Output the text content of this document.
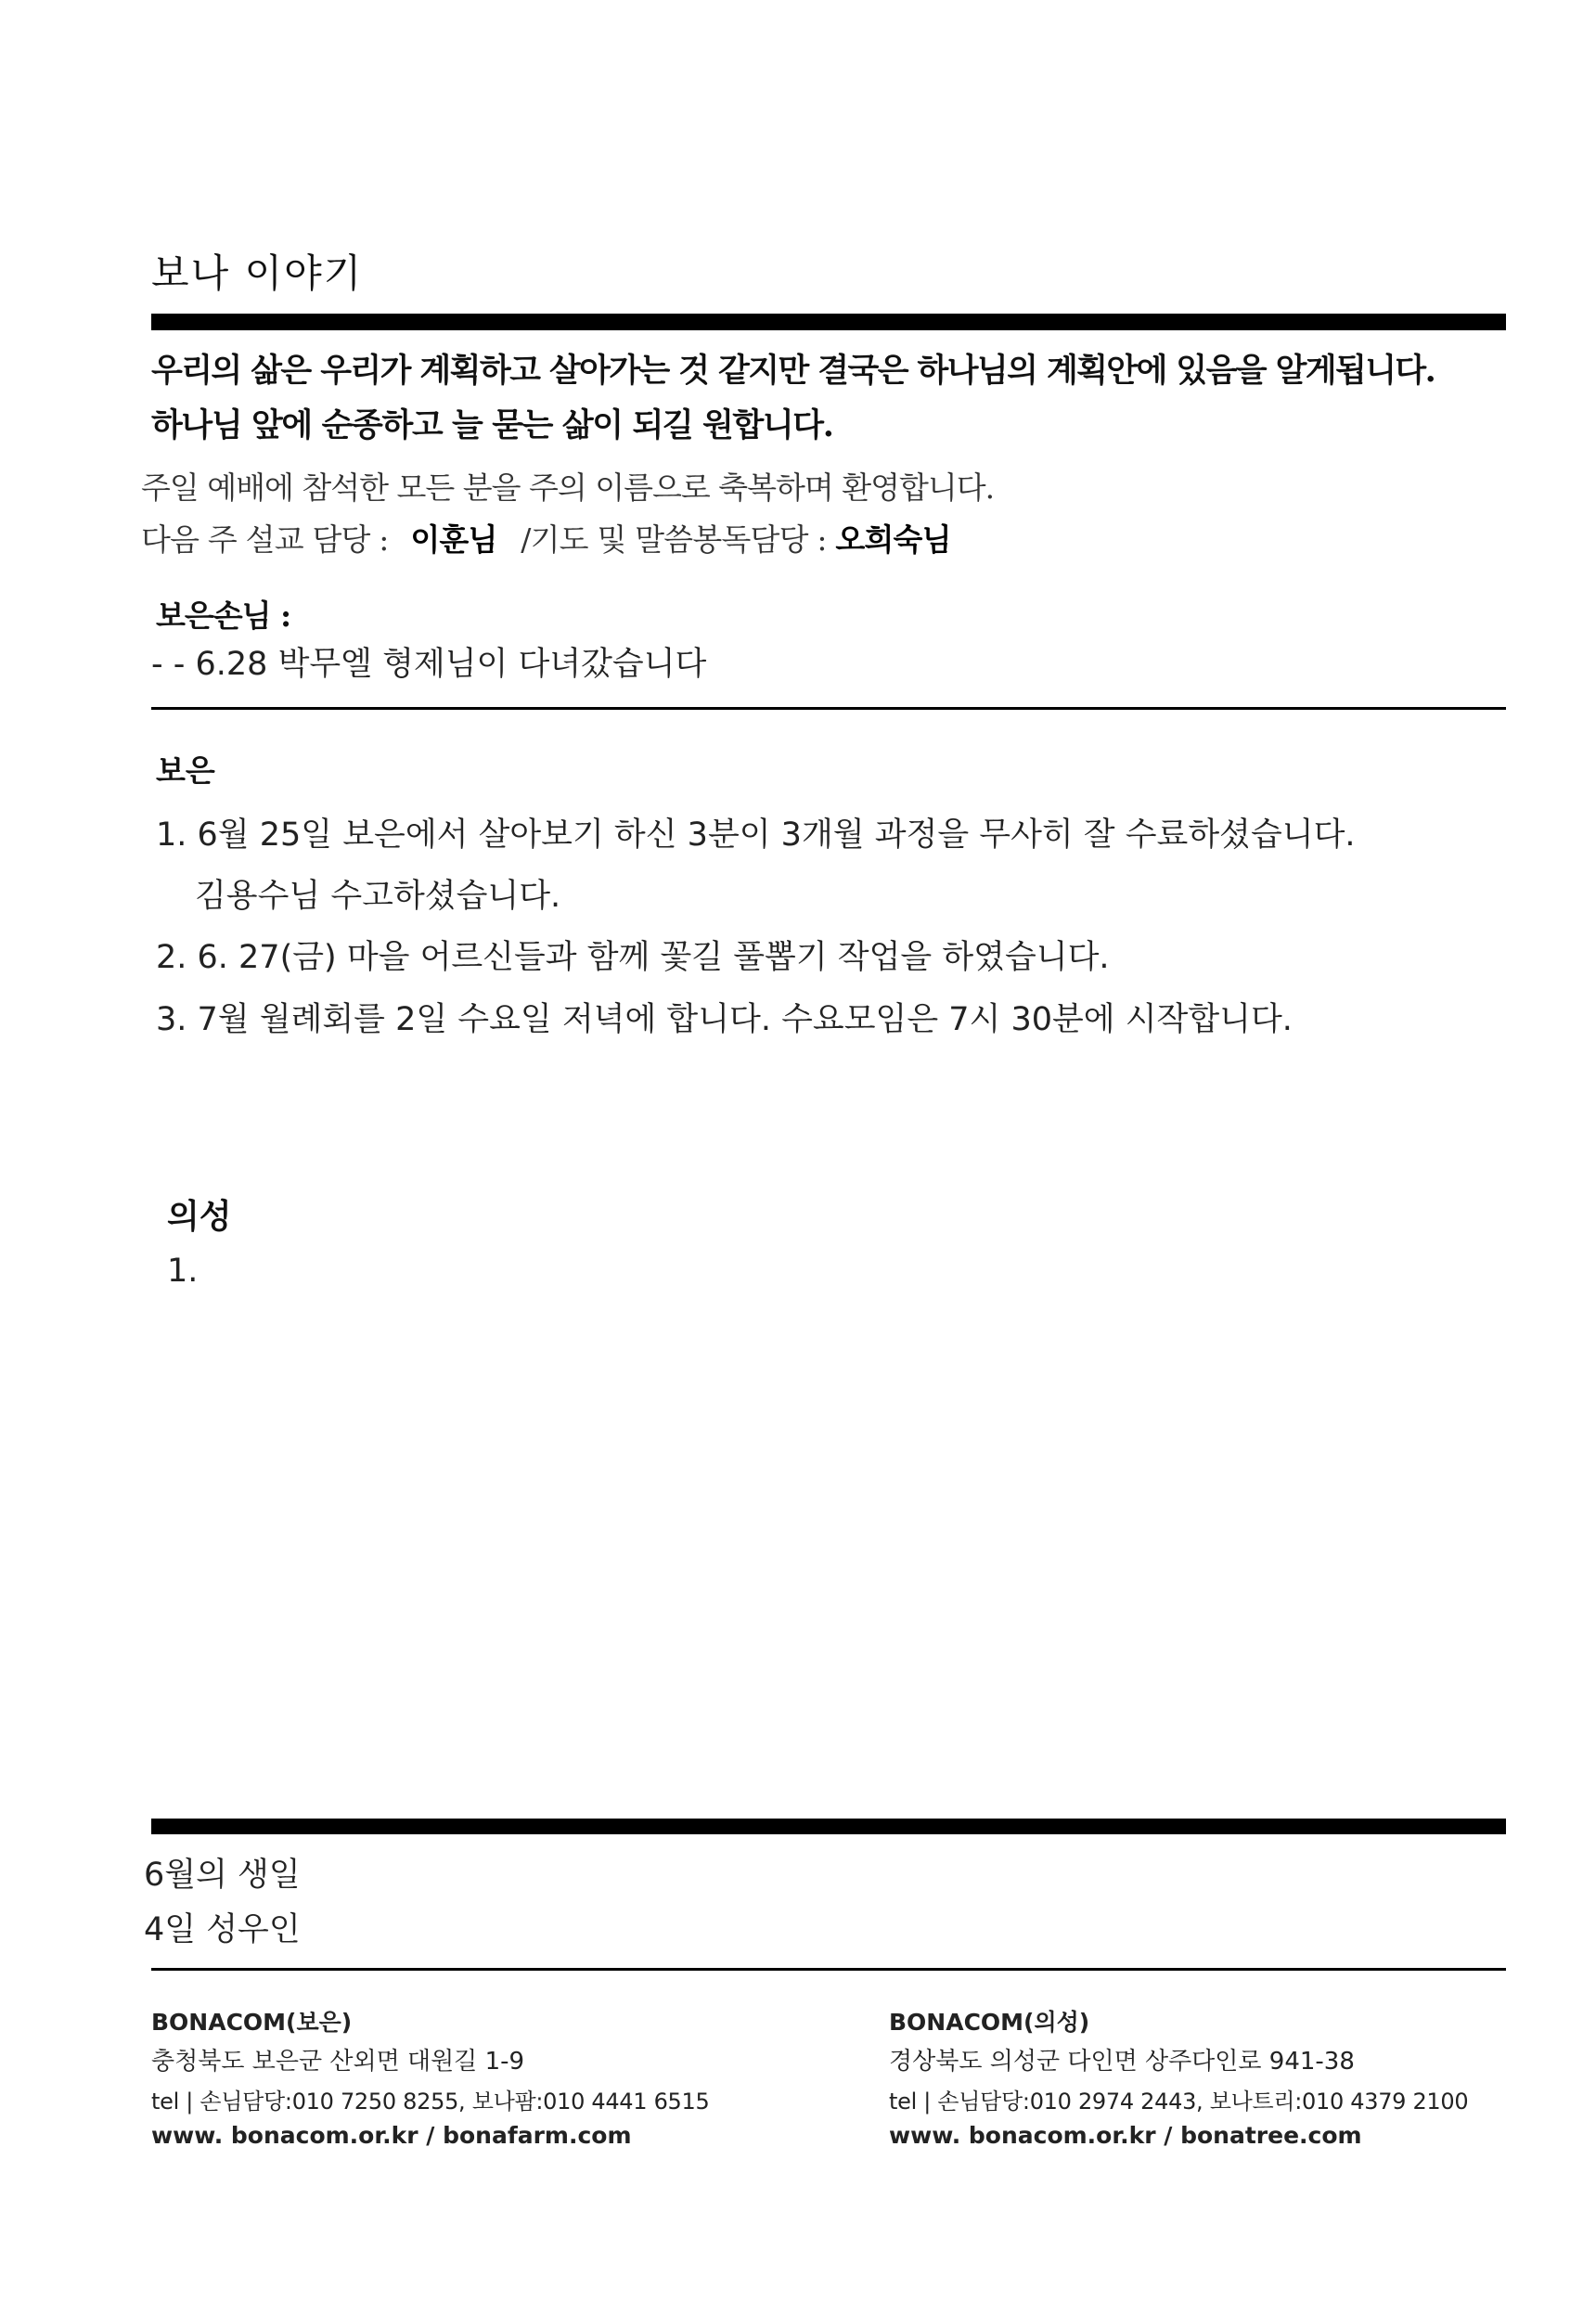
보나 이야기
우리의 삶은 우리가 계획하고 살아가는 것 같지만 결국은 하나님의 계획안에 있음을 알게됩니다.
하나님 앞에 순종하고 늘 묻는 삶이 되길 원합니다.
주일 예배에 참석한 모든 분을 주의 이름으로 축복하며 환영합니다.
다음 주 설교 담당 : 이훈님 /기도 및 말씀봉독담당 : 오희숙님
보은손님 :
- - 6.28 박무엘 형제님이 다녀갔습니다
보은
1. 6월 25일 보은에서 살아보기 하신 3분이 3개월 과정을 무사히 잘 수료하셨습니다.
김용수님 수고하셨습니다.
2. 6. 27(금) 마을 어르신들과 함께 꽃길 풀뽑기 작업을 하였습니다.
3. 7월 월례회를 2일 수요일 저녁에 합니다. 수요모임은 7시 30분에 시작합니다.
의성
1.
6월의 생일
4일 성우인
BONACOM(보은)
충청북도 보은군 산외면 대원길 1-9
tel | 손님담당:010 7250 8255, 보나팜:010 4441 6515
www. bonacom.or.kr / bonafarm.com
BONACOM(의성)
경상북도 의성군 다인면 상주다인로 941-38
tel | 손님담당:010 2974 2443, 보나트리:010 4379 2100
www. bonacom.or.kr / bonatree.com
